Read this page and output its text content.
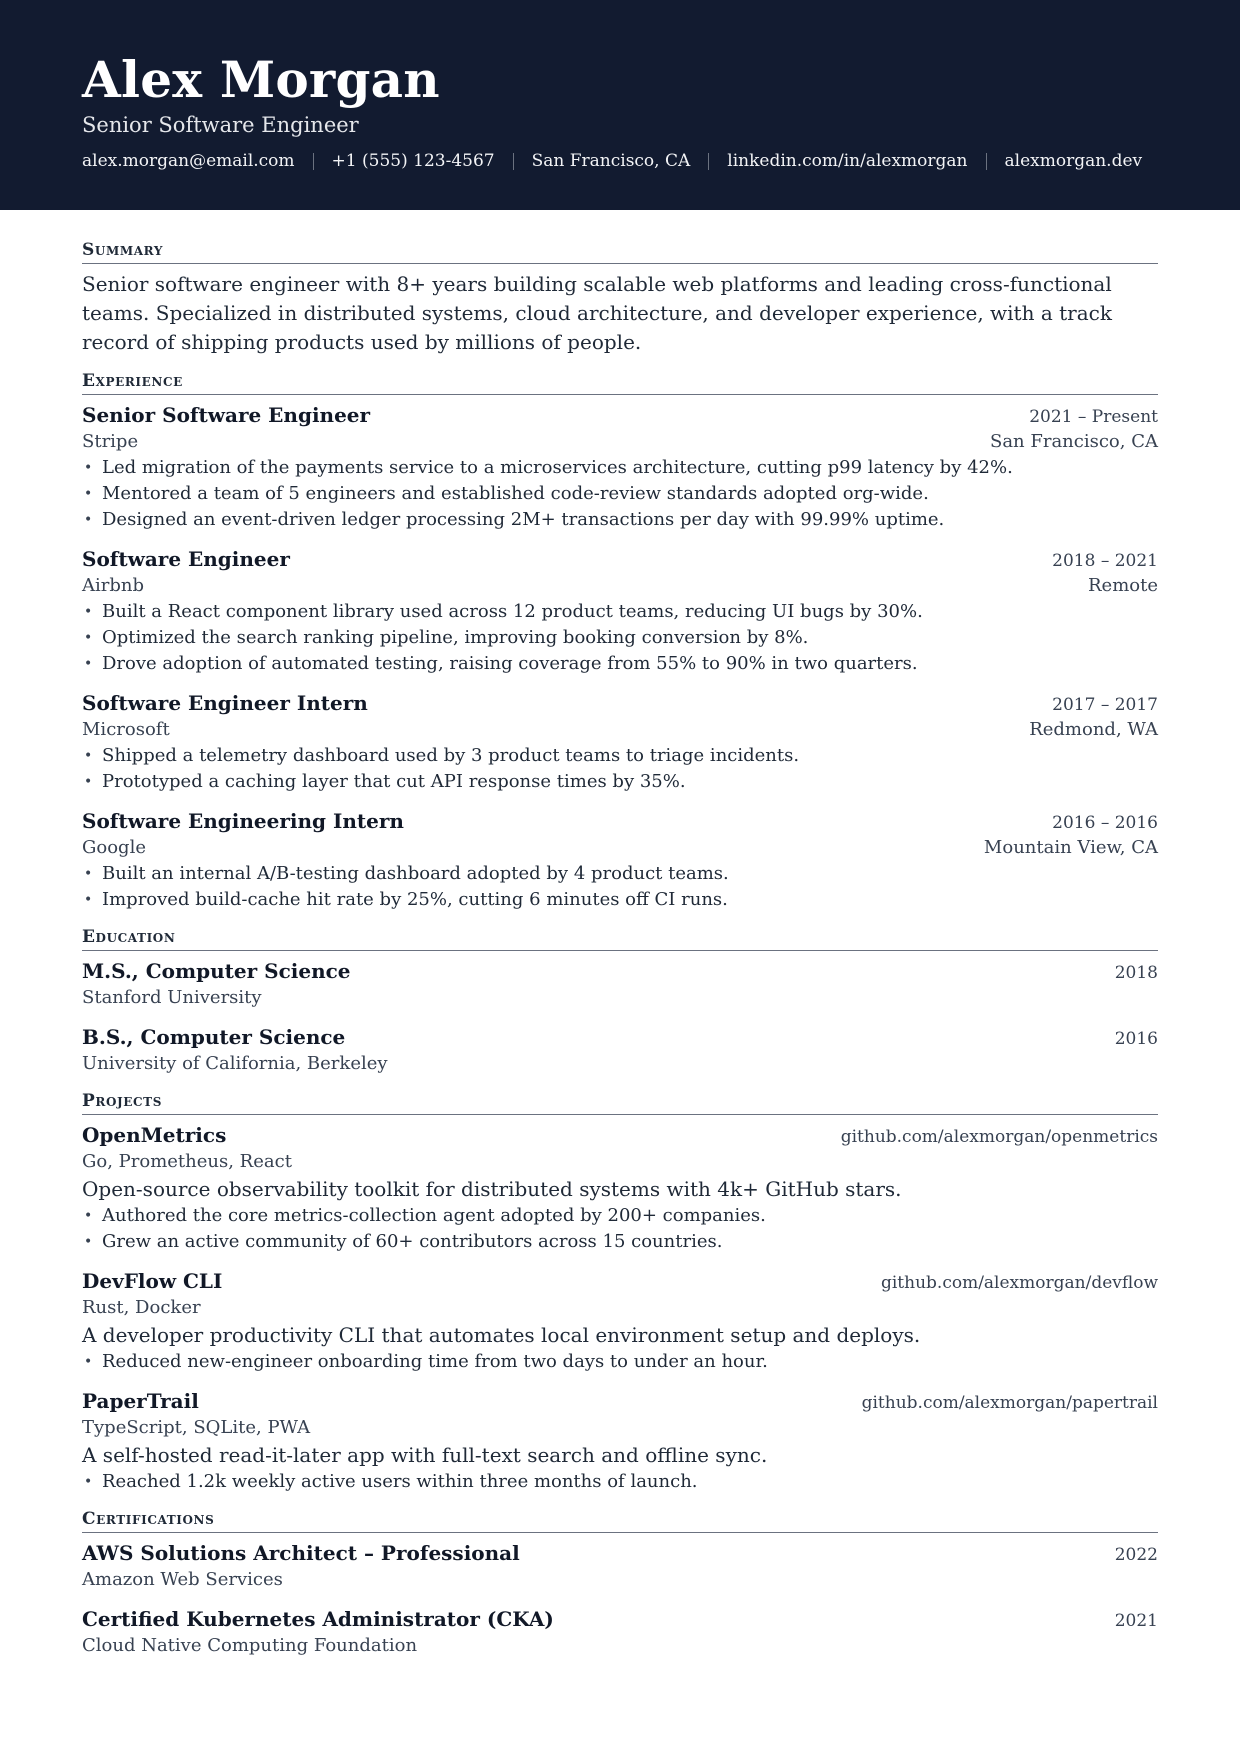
Alex Morgan
Senior Software Engineer
alex.morgan@email.com +1 (555) 123-4567 San Francisco, CA linkedin.com/in/alexmorgan alexmorgan.dev
Summary
Senior software engineer with 8+ years building scalable web platforms and leading cross-functional teams. Specialized in distributed systems, cloud architecture, and developer experience, with a track record of shipping products used by millions of people.
Experience
Senior Software Engineer	2021 – Present
Stripe	San Francisco, CA
• Led migration of the payments service to a microservices architecture, cutting p99 latency by 42%.
• Mentored a team of 5 engineers and established code-review standards adopted org-wide.
• Designed an event-driven ledger processing 2M+ transactions per day with 99.99% uptime.
Software Engineer	2018 – 2021
Airbnb	Remote
• Built a React component library used across 12 product teams, reducing UI bugs by 30%.
• Optimized the search ranking pipeline, improving booking conversion by 8%.
• Drove adoption of automated testing, raising coverage from 55% to 90% in two quarters.
Software Engineer Intern	2017 – 2017
Microsoft	Redmond, WA
• Shipped a telemetry dashboard used by 3 product teams to triage incidents.
• Prototyped a caching layer that cut API response times by 35%.
Software Engineering Intern	2016 – 2016
Google	Mountain View, CA
• Built an internal A/B-testing dashboard adopted by 4 product teams.
• Improved build-cache hit rate by 25%, cutting 6 minutes off CI runs.
Education
M.S., Computer Science	2018
Stanford University
B.S., Computer Science	2016
University of California, Berkeley
Projects
OpenMetrics	github.com/alexmorgan/openmetrics
Go, Prometheus, React
Open-source observability toolkit for distributed systems with 4k+ GitHub stars.
• Authored the core metrics-collection agent adopted by 200+ companies.
• Grew an active community of 60+ contributors across 15 countries.
DevFlow CLI	github.com/alexmorgan/devflow
Rust, Docker
A developer productivity CLI that automates local environment setup and deploys.
• Reduced new-engineer onboarding time from two days to under an hour.
PaperTrail	github.com/alexmorgan/papertrail
TypeScript, SQLite, PWA
A self-hosted read-it-later app with full-text search and offline sync.
• Reached 1.2k weekly active users within three months of launch.
Certifications
AWS Solutions Architect – Professional	2022
Amazon Web Services
Certified Kubernetes Administrator (CKA)	2021
Cloud Native Computing Foundation
